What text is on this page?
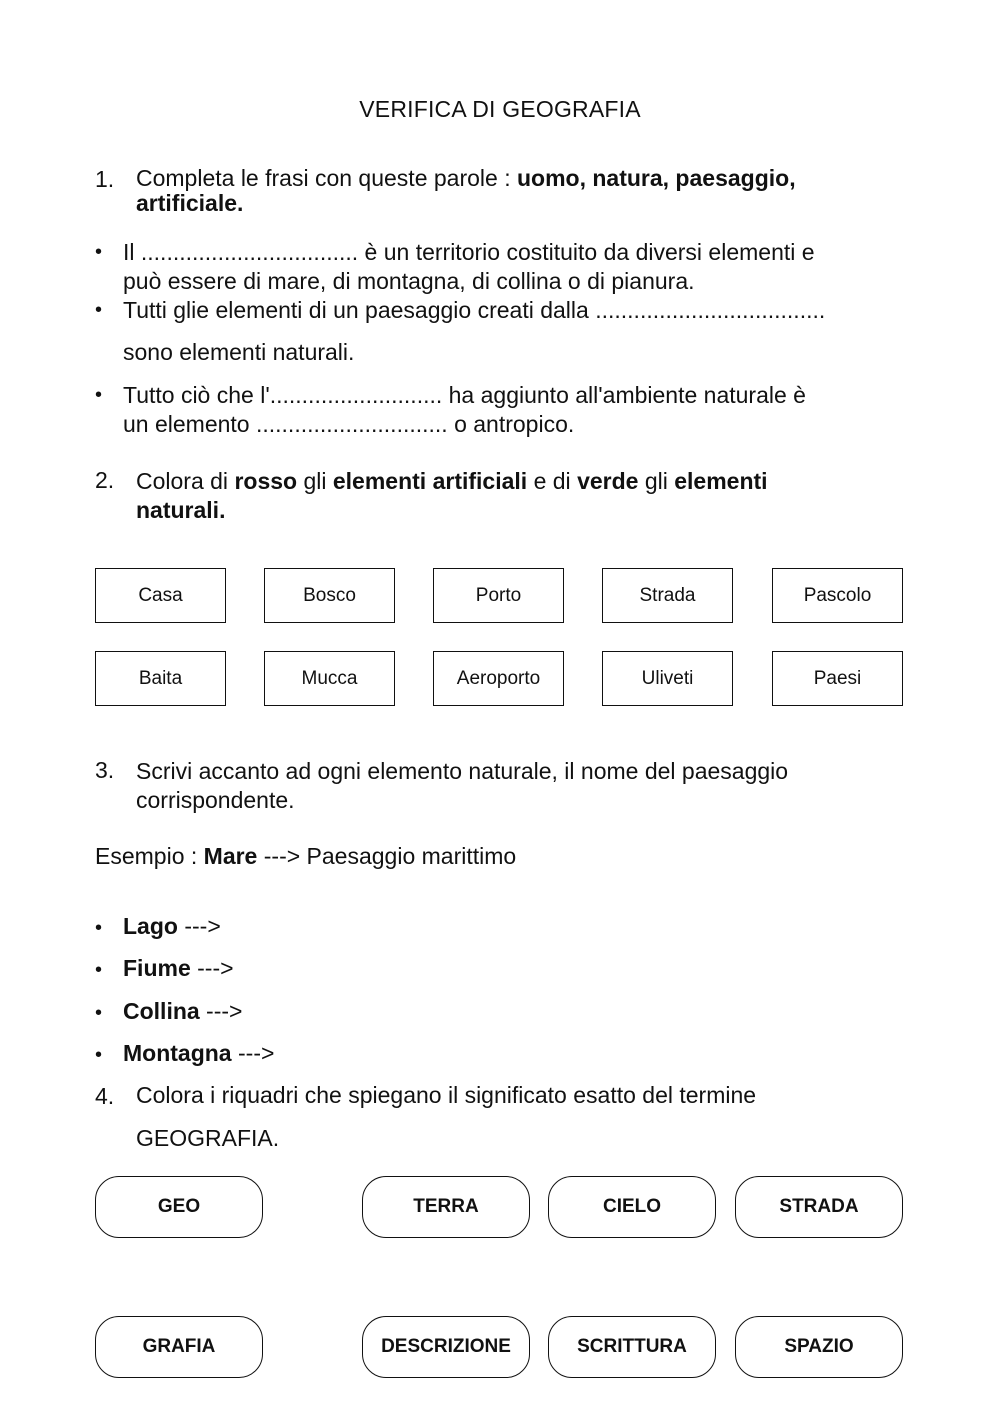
VERIFICA DI GEOGRAFIA
1. Completa le frasi con queste parole : uomo, natura, paesaggio,
artificiale.
• Il .................................. è un territorio costituito da diversi elementi e
può essere di mare, di montagna, di collina o di pianura.
• Tutti glie elementi di un paesaggio creati dalla ....................................
sono elementi naturali.
• Tutto ciò che l'........................... ha aggiunto all'ambiente naturale è
un elemento .............................. o antropico.
2. Colora di rosso gli elementi artificiali e di verde gli elementi
naturali.
Casa	Bosco	Porto	Strada	Pascolo
Baita	Mucca	Aeroporto	Uliveti	Paesi
3. Scrivi accanto ad ogni elemento naturale, il nome del paesaggio
corrispondente.
Esempio : Mare ---> Paesaggio marittimo
• Lago --->
• Fiume --->
• Collina --->
• Montagna --->
4. Colora i riquadri che spiegano il significato esatto del termine
GEOGRAFIA.
GEO	TERRA	CIELO	STRADA
GRAFIA	DESCRIZIONE	SCRITTURA	SPAZIO
